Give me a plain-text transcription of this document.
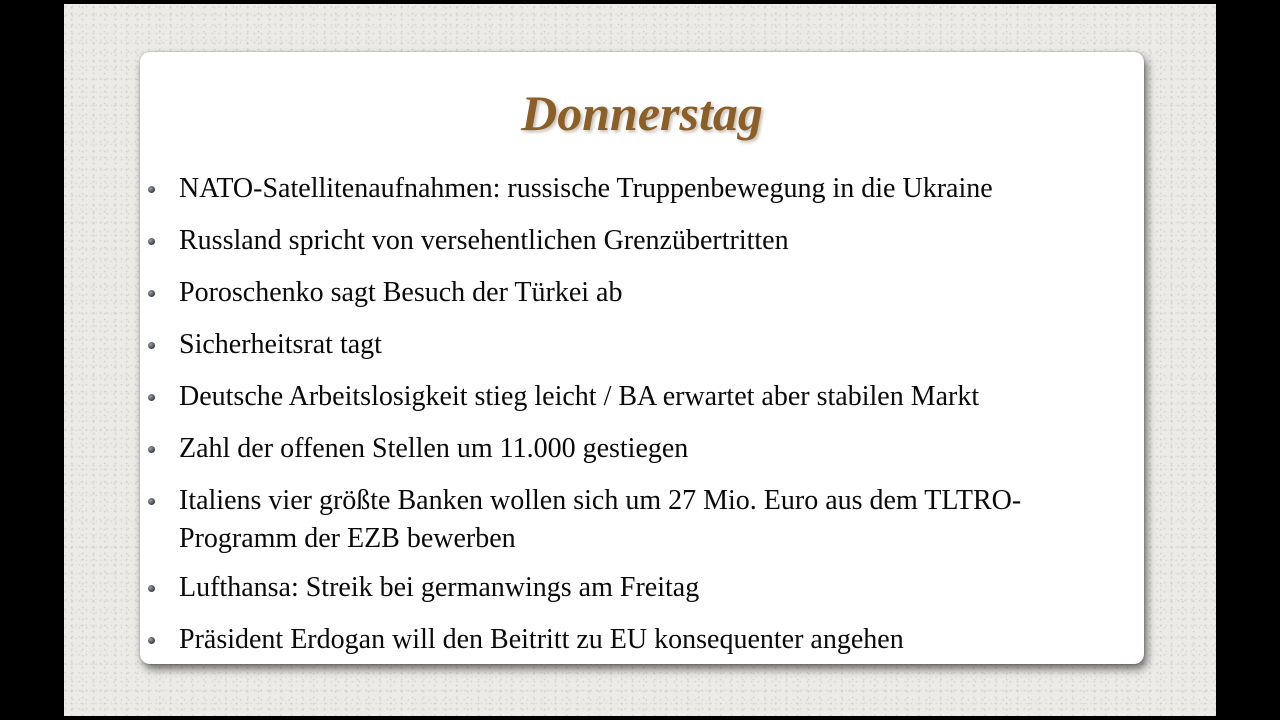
Donnerstag
NATO-Satellitenaufnahmen: russische Truppenbewegung in die Ukraine
Russland spricht von versehentlichen Grenzübertritten
Poroschenko sagt Besuch der Türkei ab
Sicherheitsrat tagt
Deutsche Arbeitslosigkeit stieg leicht / BA erwartet aber stabilen Markt
Zahl der offenen Stellen um 11.000 gestiegen
Italiens vier größte Banken wollen sich um 27 Mio. Euro aus dem TLTRO-Programm der EZB bewerben
Lufthansa: Streik bei germanwings am Freitag
Präsident Erdogan will den Beitritt zu EU konsequenter angehen
